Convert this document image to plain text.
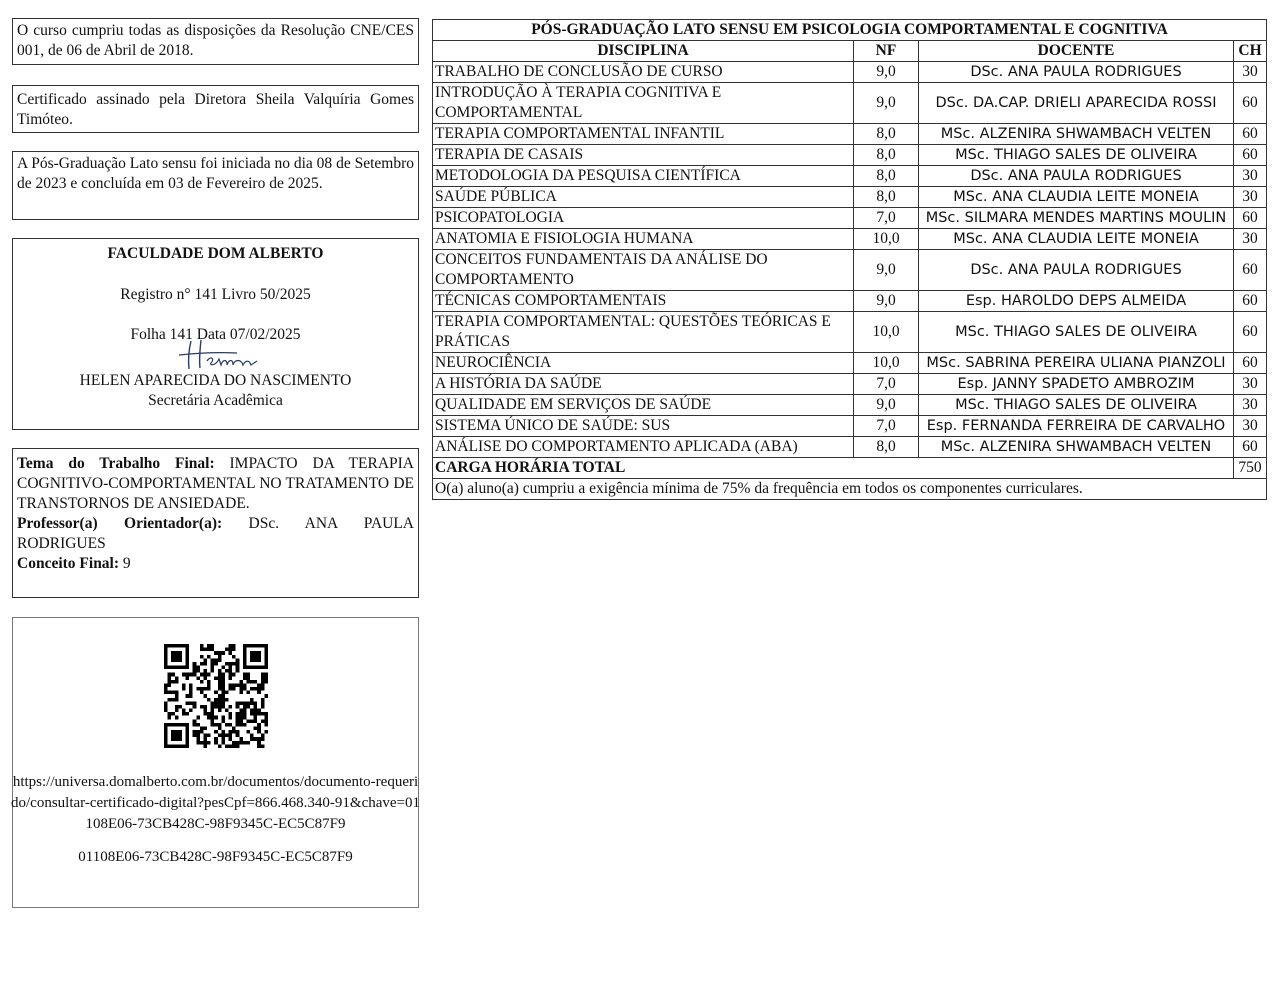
O curso cumpriu todas as disposições da Resolução CNE/CES 001, de 06 de Abril de 2018.
Certificado assinado pela Diretora Sheila Valquíria Gomes Timóteo.
A Pós-Graduação Lato sensu foi iniciada no dia 08 de Setembro de 2023 e concluída em 03 de Fevereiro de 2025.
FACULDADE DOM ALBERTO
Registro n° 141 Livro 50/2025
Folha 141 Data 07/02/2025
HELEN APARECIDA DO NASCIMENTO
Secretária Acadêmica
Tema do Trabalho Final: IMPACTO DA TERAPIA COGNITIVO-COMPORTAMENTAL NO TRATAMENTO DE TRANSTORNOS DE ANSIEDADE.
Professor(a) Orientador(a): DSc. ANA PAULA RODRIGUES
Conceito Final: 9
https://universa.domalberto.com.br/documentos/documento-requerido/consultar-certificado-digital?pesCpf=866.468.340-91&chave=01108E06-73CB428C-98F9345C-EC5C87F9
01108E06-73CB428C-98F9345C-EC5C87F9
PÓS-GRADUAÇÃO LATO SENSU EM PSICOLOGIA COMPORTAMENTAL E COGNITIVA			
DISCIPLINA	NF	DOCENTE	CH
TRABALHO DE CONCLUSÃO DE CURSO	9,0	DSc. ANA PAULA RODRIGUES	30
INTRODUÇÃO À TERAPIA COGNITIVA E COMPORTAMENTAL	9,0	DSc. DA.CAP. DRIELI APARECIDA ROSSI	60
TERAPIA COMPORTAMENTAL INFANTIL	8,0	MSc. ALZENIRA SHWAMBACH VELTEN	60
TERAPIA DE CASAIS	8,0	MSc. THIAGO SALES DE OLIVEIRA	60
METODOLOGIA DA PESQUISA CIENTÍFICA	8,0	DSc. ANA PAULA RODRIGUES	30
SAÚDE PÚBLICA	8,0	MSc. ANA CLAUDIA LEITE MONEIA	30
PSICOPATOLOGIA	7,0	MSc. SILMARA MENDES MARTINS MOULIN	60
ANATOMIA E FISIOLOGIA HUMANA	10,0	MSc. ANA CLAUDIA LEITE MONEIA	30
CONCEITOS FUNDAMENTAIS DA ANÁLISE DO COMPORTAMENTO	9,0	DSc. ANA PAULA RODRIGUES	60
TÉCNICAS COMPORTAMENTAIS	9,0	Esp. HAROLDO DEPS ALMEIDA	60
TERAPIA COMPORTAMENTAL: QUESTÕES TEÓRICAS E PRÁTICAS	10,0	MSc. THIAGO SALES DE OLIVEIRA	60
NEUROCIÊNCIA	10,0	MSc. SABRINA PEREIRA ULIANA PIANZOLI	60
A HISTÓRIA DA SAÚDE	7,0	Esp. JANNY SPADETO AMBROZIM	30
QUALIDADE EM SERVIÇOS DE SAÚDE	9,0	MSc. THIAGO SALES DE OLIVEIRA	30
SISTEMA ÚNICO DE SAÚDE: SUS	7,0	Esp. FERNANDA FERREIRA DE CARVALHO	30
ANÁLISE DO COMPORTAMENTO APLICADA (ABA)	8,0	MSc. ALZENIRA SHWAMBACH VELTEN	60
CARGA HORÁRIA TOTAL			750
O(a) aluno(a) cumpriu a exigência mínima de 75% da frequência em todos os componentes curriculares.			
